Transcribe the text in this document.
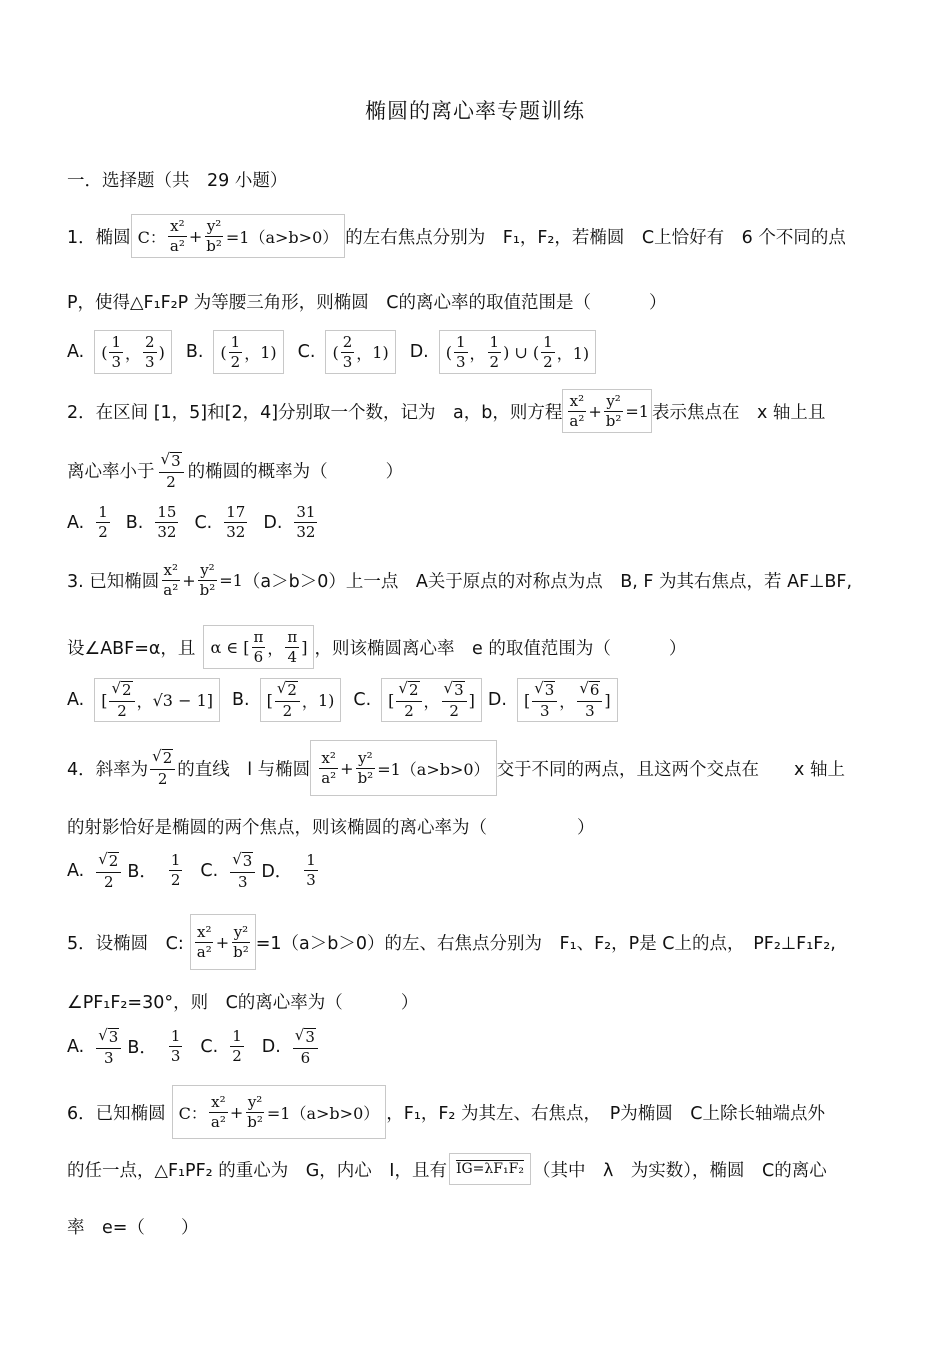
椭圆的离心率专题训练
一．选择题（共　29 小题）
1．椭圆 C： $\frac{\text{x²}}{\text{a²}} + \frac{\text{y²}}{\text{b²}} =1(a>b>0)$ 的左右焦点分别为　F₁，F₂，若椭圆　C上恰好有　6 个不同的点
P，使得△F₁F₂P 为等腰三角形，则椭圆　C的离心率的取值范围是（	）
A. ( $\frac{1}{3}$ ， $\frac{2}{3}$ ) B. ( $\frac{1}{2}$ ， 1) C. ( $\frac{2}{3}$ ， 1) D. ( $\frac{1}{3}$ ， $\frac{1}{2}$ ) ∪ ( $\frac{1}{2}$ ，1)
2．在区间 [1，5]和[2，4]分别取一个数，记为　a，b，则方程 $\frac{\text{x²}}{\text{a²}} + \frac{\text{y²}}{\text{b²}} =1$ 表示焦点在　x 轴上且
离心率小于 $\frac{√ 3}{2}$ 的椭圆的概率为（	）
A. $\frac{1}{2} B$. $\frac{15}{32} C$. $\frac{17}{32} D$. $\frac{31}{32}$
3. 已知椭圆 $\frac{\text{x²}}{\text{a²}} + \frac{\text{y²}}{\text{b²}} =1$ （a＞b＞0）上一点　A关于原点的对称点为点　B, F 为其右焦点，若 AF⊥BF,
设∠ABF=α，且 α ∈ [ $\frac{\pi}{6}$ ， $\frac{\pi}{4}$ ] ，则该椭圆离心率　e 的取值范围为（	）
A. [ $\frac{√ 2}{2}$ ， √3 − 1] B. [ $\frac{√ 2}{2}$ ， 1) C. [ $\frac{√ 2}{2}$ ， $\frac{√ 3}{2}$ ] D. [ $\frac{√ 3}{3}$ ， $\frac{√ 6}{3}$ ]
4．斜率为 $\frac{√ 2}{2}$ 的直线　l 与椭圆 $\frac{\text{x²}}{\text{a²}} + \frac{\text{y²}}{\text{b²}} =1(a>b>0)$ 交于不同的两点，且这两个交点在　　x 轴上
的射影恰好是椭圆的两个焦点，则该椭圆的离心率为（	）
A. $\frac{√ 2}{2}$ B． $\frac{1}{2} C$. $\frac{√ 3}{3}$ D． $\frac{1}{3}$
5．设椭圆　C: $\frac{\text{x²}}{\text{a²}} + \frac{\text{y²}}{\text{b²}} =1(a>b>0)$的左、右焦点分别为　F₁、F₂，P是 C上的点，　PF₂⊥F₁F₂,
∠PF₁F₂=30°，则　C的离心率为（	）
A. $\frac{√ 3}{3}$ B． $\frac{1}{3} C$. $\frac{1}{2} D$. $\frac{√ 3}{6}$
6．已知椭圆 C： $\frac{\text{x²}}{\text{a²}} + \frac{\text{y²}}{\text{b²}} =1(a>b>0)$ ，F₁，F₂ 为其左、右焦点，　P为椭圆　C上除长轴端点外
的任一点，△F₁PF₂ 的重心为　G，内心　I，且有 IG=λF₁F₂ （其中　λ　为实数），椭圆　C的离心
率　e=（ ）
